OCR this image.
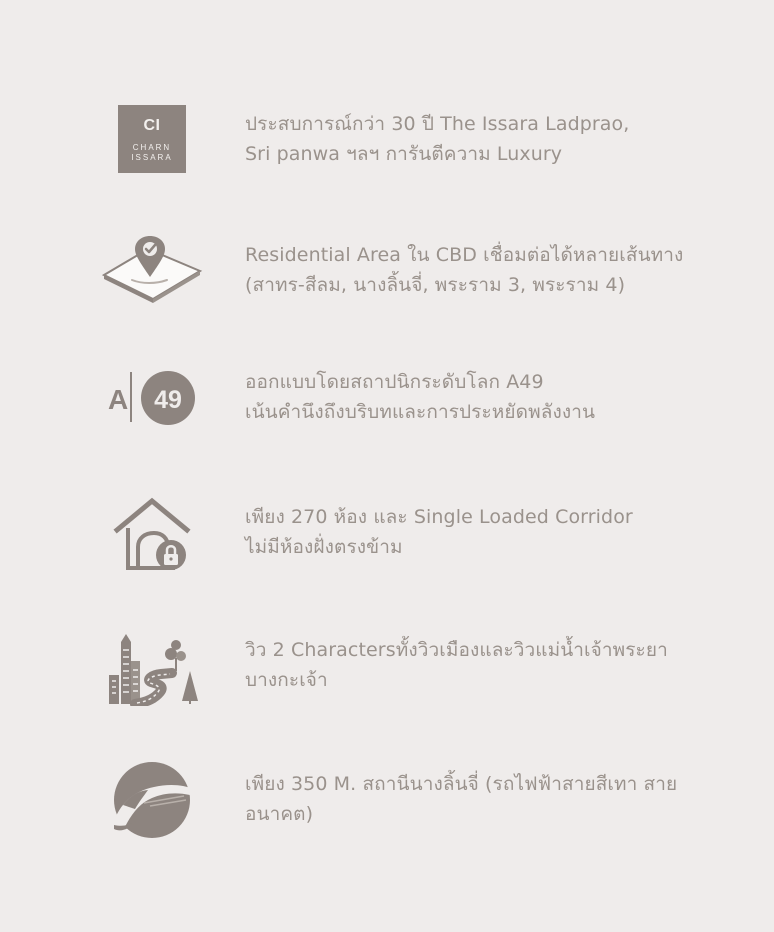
CI
CHARN
ISSARA
ประสบการณ์กว่า 30 ปี The Issara Ladprao,
Sri panwa ฯลฯ การันตีความ Luxury
Residential Area ใน CBD เชื่อมต่อได้หลายเส้นทาง
(สาทร-สีลม, นางลิ้นจี่, พระราม 3, พระราม 4)
A 49
ออกแบบโดยสถาปนิกระดับโลก A49
เน้นคำนึงถึงบริบทและการประหยัดพลังงาน
เพียง 270 ห้อง และ Single Loaded Corridor
ไม่มีห้องฝั่งตรงข้าม
วิว 2 Charactersทั้งวิวเมืองและวิวแม่น้ำเจ้าพระยา
บางกะเจ้า
เพียง 350 M. สถานีนางลิ้นจี่ (รถไฟฟ้าสายสีเทา สาย
อนาคต)
